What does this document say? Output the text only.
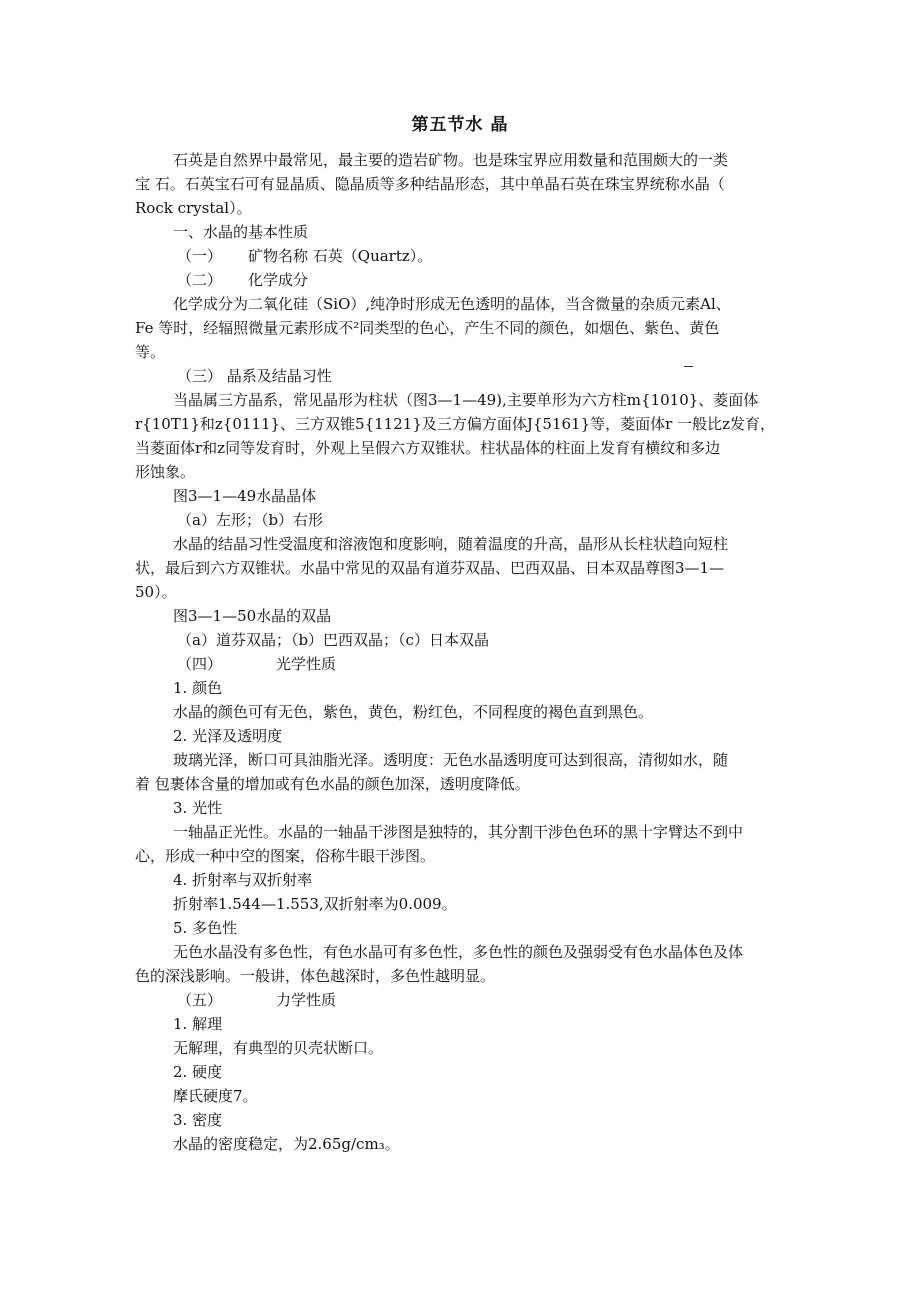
第五节水 晶
石英是自然界中最常见，最主要的造岩矿物。也是珠宝界应用数量和范围颇大的一类
宝 石。石英宝石可有显晶质、隐晶质等多种结晶形态，其中单晶石英在珠宝界统称水晶（
Rock crystal）。
一、水晶的基本性质
（一） 矿物名称 石英（Quartz）。
（二） 化学成分
化学成分为二氧化硅（SiO）,纯净时形成无色透明的晶体，当含微量的杂质元素Al、
Fe 等时，经辐照微量元素形成不²同类型的色心，产生不同的颜色，如烟色、紫色、黄色
等。
（三） 晶系及结晶习性
当晶属三方晶系，常见晶形为柱状（图3—1—49),主要单形为六方柱m{1010}、菱面体
r{10T1}和z{0111}、三方双锥5{1121}及三方偏方面体J{5161}等，菱面体r 一般比z发育，
当菱面体r和z同等发育时，外观上呈假六方双锥状。柱状晶体的柱面上发育有横纹和多边
形蚀象。
图3—1—49水晶晶体
（a）左形；（b）右形
水晶的结晶习性受温度和溶液饱和度影响，随着温度的升高，晶形从长柱状趋向短柱
状，最后到六方双锥状。水晶中常见的双晶有道芬双晶、巴西双晶、日本双晶尊图3—1—
50）。
图3—1—50水晶的双晶
（a）道芬双晶；（b）巴西双晶；（c）日本双晶
（四）	光学性质
1. 颜色
水晶的颜色可有无色，紫色，黄色，粉红色，不同程度的褐色直到黑色。
2. 光泽及透明度
玻璃光泽，断口可具油脂光泽。透明度：无色水晶透明度可达到很高，清彻如水，随
着 包裹体含量的增加或有色水晶的颜色加深，透明度降低。
3. 光性
一轴晶正光性。水晶的一轴晶干涉图是独特的，其分割干涉色色环的黑十字臂达不到中
心，形成一种中空的图案，俗称牛眼干涉图。
4. 折射率与双折射率
折射率1.544—1.553,双折射率为0.009。
5. 多色性
无色水晶没有多色性，有色水晶可有多色性，多色性的颜色及强弱受有色水晶体色及体
色的深浅影响。一般讲，体色越深时，多色性越明显。
（五）	力学性质
1. 解理
无解理，有典型的贝壳状断口。
2. 硬度
摩氏硬度7。
3. 密度
水晶的密度稳定，为2.65g/cm₃。
